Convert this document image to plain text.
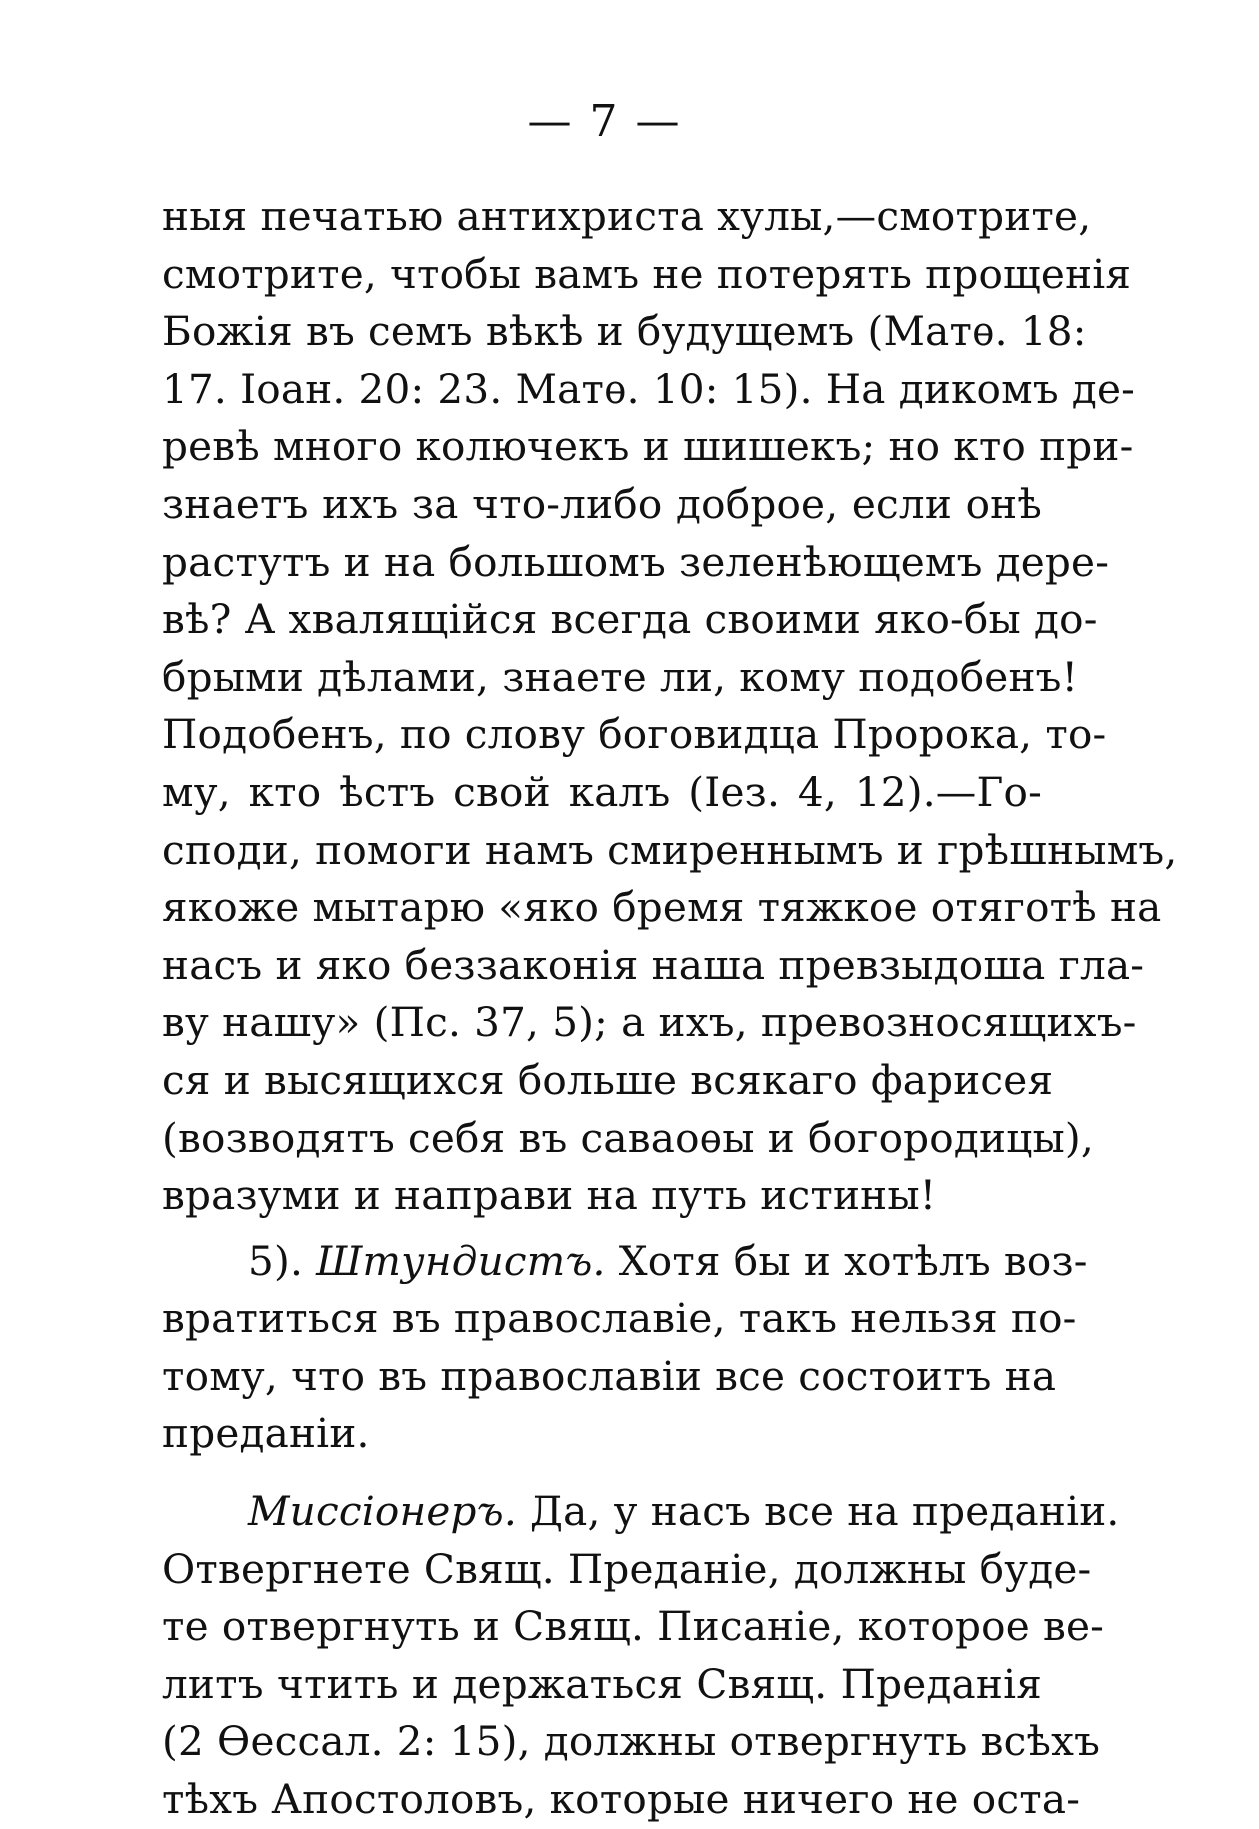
— 7 —
ныя печатью антихриста хулы,—смотрите,
смотрите, чтобы вамъ не потерять прощенія
Божія въ семъ вѣкѣ и будущемъ (Матѳ. 18:
17. Іоан. 20: 23. Матѳ. 10: 15). На дикомъ де-
ревѣ много колючекъ и шишекъ; но кто при-
знаетъ ихъ за что-либо доброе, если онѣ
растутъ и на большомъ зеленѣющемъ дере-
вѣ? А хвалящійся всегда своими яко-бы до-
брыми дѣлами, знаете ли, кому подобенъ!
Подобенъ, по слову боговидца Пророка, то-
му, кто ѣстъ свой калъ (Іез. 4, 12).—Го-
споди, помоги намъ смиреннымъ и грѣшнымъ,
якоже мытарю «яко бремя тяжкое отяготѣ на
насъ и яко беззаконія наша превзыдоша гла-
ву нашу» (Пс. 37, 5); а ихъ, превозносящихъ-
ся и высящихся больше всякаго фарисея
(возводятъ себя въ саваоѳы и богородицы),
вразуми и направи на путь истины!
5). Штундистъ. Хотя бы и хотѣлъ воз-
вратиться въ православіе, такъ нельзя по-
тому, что въ православіи все состоитъ на
преданіи.
Миссіонеръ. Да, у насъ все на преданіи.
Отвергнете Свящ. Преданіе, должны буде-
те отвергнуть и Свящ. Писаніе, которое ве-
литъ чтить и держаться Свящ. Преданія
(2 Ѳессал. 2: 15), должны отвергнуть всѣхъ
тѣхъ Апостоловъ, которые ничего не оста-
